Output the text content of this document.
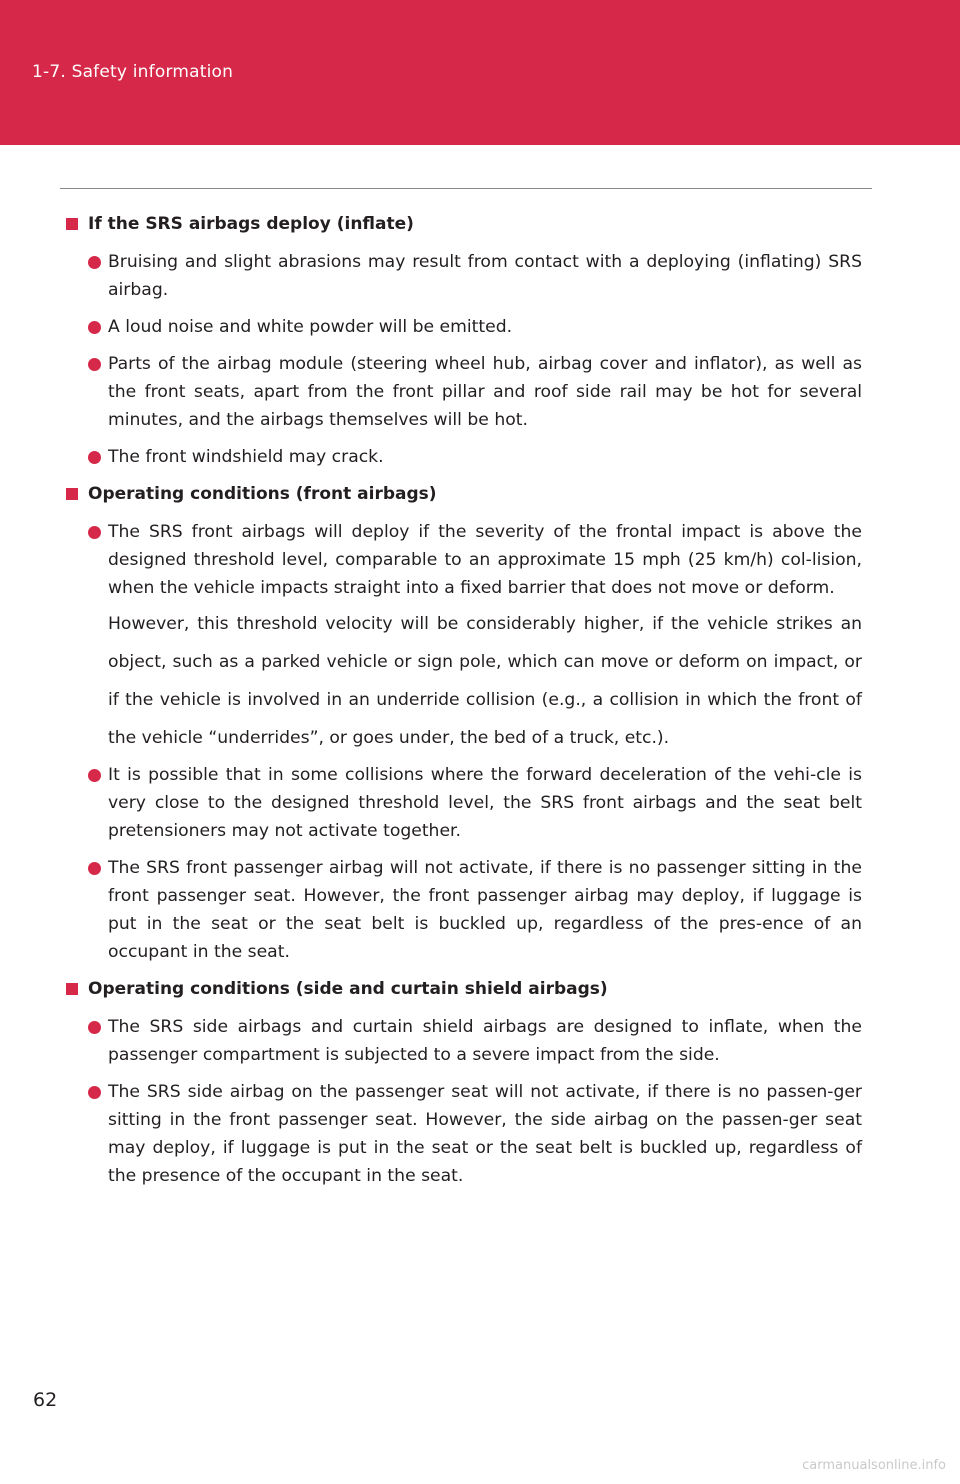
1-7. Safety information
If the SRS airbags deploy (inflate)
Bruising and slight abrasions may result from contact with a deploying (inflating) SRS airbag.
A loud noise and white powder will be emitted.
Parts of the airbag module (steering wheel hub, airbag cover and inflator), as well as the front seats, apart from the front pillar and roof side rail may be hot for several minutes, and the airbags themselves will be hot.
The front windshield may crack.
Operating conditions (front airbags)
The SRS front airbags will deploy if the severity of the frontal impact is above the designed threshold level, comparable to an approximate 15 mph (25 km/h) col-lision, when the vehicle impacts straight into a fixed barrier that does not move or deform.
However, this threshold velocity will be considerably higher, if the vehicle strikes an object, such as a parked vehicle or sign pole, which can move or deform on impact, or if the vehicle is involved in an underride collision (e.g., a collision in which the front of the vehicle “underrides”, or goes under, the bed of a truck, etc.).
It is possible that in some collisions where the forward deceleration of the vehi-cle is very close to the designed threshold level, the SRS front airbags and the seat belt pretensioners may not activate together.
The SRS front passenger airbag will not activate, if there is no passenger sitting in the front passenger seat. However, the front passenger airbag may deploy, if luggage is put in the seat or the seat belt is buckled up, regardless of the pres-ence of an occupant in the seat.
Operating conditions (side and curtain shield airbags)
The SRS side airbags and curtain shield airbags are designed to inflate, when the passenger compartment is subjected to a severe impact from the side.
The SRS side airbag on the passenger seat will not activate, if there is no passen-ger sitting in the front passenger seat. However, the side airbag on the passen-ger seat may deploy, if luggage is put in the seat or the seat belt is buckled up, regardless of the presence of the occupant in the seat.
62
carmanualsonline.info
